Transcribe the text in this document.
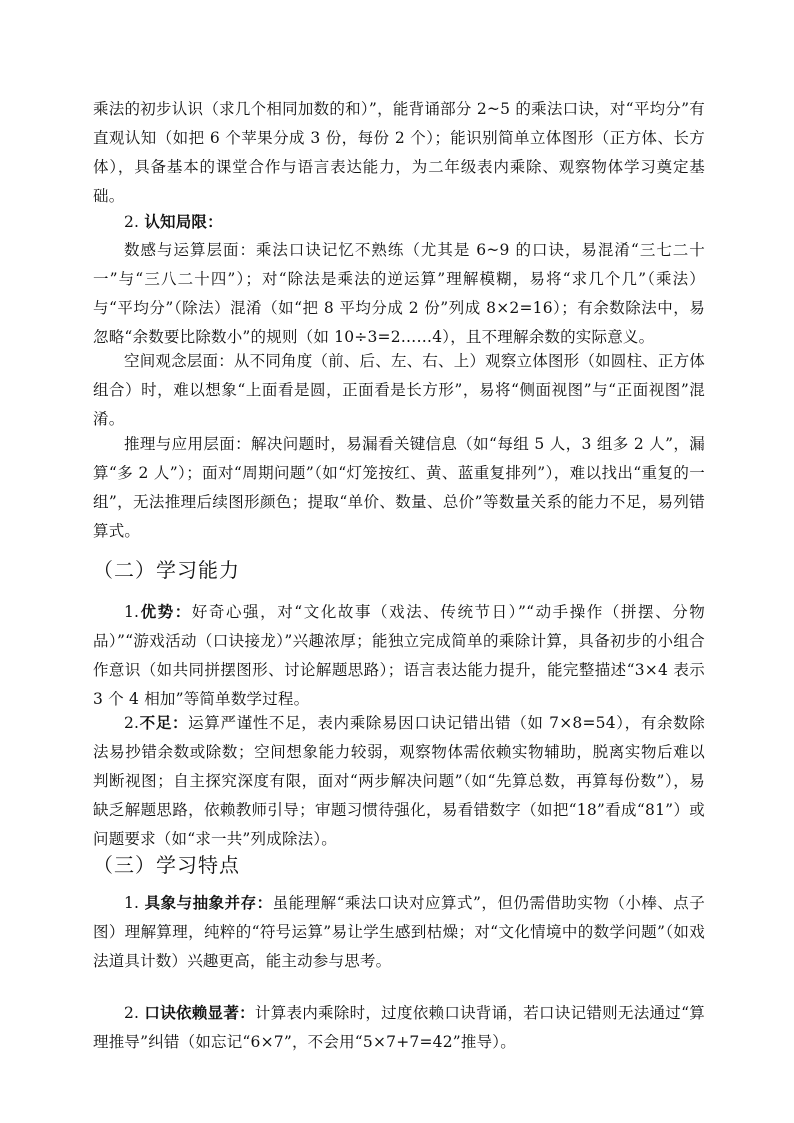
乘法的初步认识（求几个相同加数的和）”，能背诵部分 2~5 的乘法口诀，对“平均分”有直观认知（如把 6 个苹果分成 3 份，每份 2 个）；能识别简单立体图形（正方体、长方体），具备基本的课堂合作与语言表达能力，为二年级表内乘除、观察物体学习奠定基础。

2. 认知局限：

数感与运算层面：乘法口诀记忆不熟练（尤其是 6~9 的口诀，易混淆“三七二十一”与“三八二十四”）；对“除法是乘法的逆运算”理解模糊，易将“求几个几”（乘法）与“平均分”（除法）混淆（如“把 8 平均分成 2 份”列成 8×2=16）；有余数除法中，易忽略“余数要比除数小”的规则（如 10÷3=2……4），且不理解余数的实际意义。

空间观念层面：从不同角度（前、后、左、右、上）观察立体图形（如圆柱、正方体组合）时，难以想象“上面看是圆，正面看是长方形”，易将“侧面视图”与“正面视图”混淆。

推理与应用层面：解决问题时，易漏看关键信息（如“每组 5 人，3 组多 2 人”，漏算“多 2 人”）；面对“周期问题”（如“灯笼按红、黄、蓝重复排列”），难以找出“重复的一组”，无法推理后续图形颜色；提取“单价、数量、总价”等数量关系的能力不足，易列错算式。

（二）学习能力

1.优势：好奇心强，对“文化故事（戏法、传统节日）”“动手操作（拼摆、分物品）”“游戏活动（口诀接龙）”兴趣浓厚；能独立完成简单的乘除计算，具备初步的小组合作意识（如共同拼摆图形、讨论解题思路）；语言表达能力提升，能完整描述“3×4 表示 3 个 4 相加”等简单数学过程。

2.不足：运算严谨性不足，表内乘除易因口诀记错出错（如 7×8=54），有余数除法易抄错余数或除数；空间想象能力较弱，观察物体需依赖实物辅助，脱离实物后难以判断视图；自主探究深度有限，面对“两步解决问题”（如“先算总数，再算每份数”），易缺乏解题思路，依赖教师引导；审题习惯待强化，易看错数字（如把“18”看成“81”）或问题要求（如“求一共”列成除法）。

（三）学习特点

1. 具象与抽象并存：虽能理解“乘法口诀对应算式”，但仍需借助实物（小棒、点子图）理解算理，纯粹的“符号运算”易让学生感到枯燥；对“文化情境中的数学问题”（如戏法道具计数）兴趣更高，能主动参与思考。

2. 口诀依赖显著：计算表内乘除时，过度依赖口诀背诵，若口诀记错则无法通过“算理推导”纠错（如忘记“6×7”，不会用“5×7+7=42”推导）。
